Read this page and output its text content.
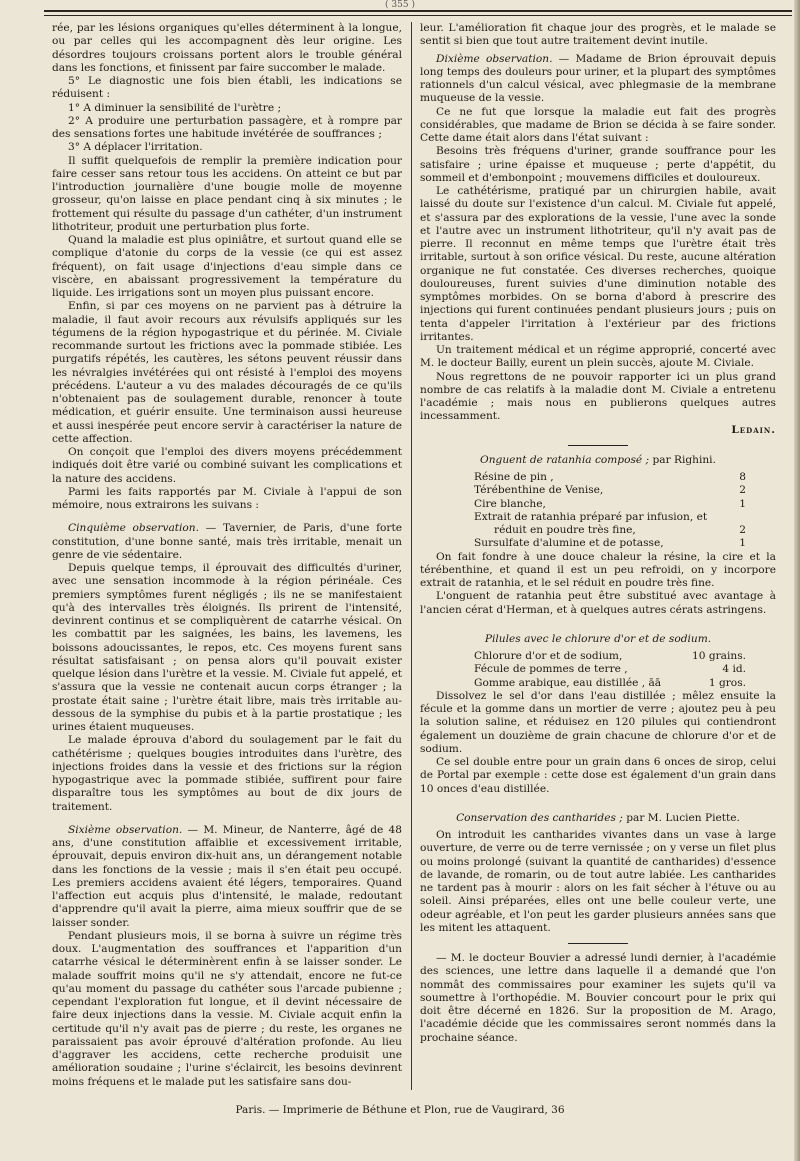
( 355 )

rée, par les lésions organiques qu'elles déterminent à la longue, ou par celles qui les accompagnent dès leur origine. Les désordres toujours croissans portent alors le trouble général dans les fonctions, et finissent par faire succomber le malade.

5° Le diagnostic une fois bien établi, les indications se réduisent :

1° A diminuer la sensibilité de l'urètre ;

2° A produire une perturbation passagère, et à rompre par des sensations fortes une habitude invétérée de souffrances ;

3° A déplacer l'irritation.

Il suffit quelquefois de remplir la première indication pour faire cesser sans retour tous les accidens. On atteint ce but par l'introduction journalière d'une bougie molle de moyenne grosseur, qu'on laisse en place pendant cinq à six minutes ; le frottement qui résulte du passage d'un cathéter, d'un instrument lithotriteur, produit une perturbation plus forte.

Quand la maladie est plus opiniâtre, et surtout quand elle se complique d'atonie du corps de la vessie (ce qui est assez fréquent), on fait usage d'injections d'eau simple dans ce viscère, en abaissant progressivement la température du liquide. Les irrigations sont un moyen plus puissant encore.

Enfin, si par ces moyens on ne parvient pas à détruire la maladie, il faut avoir recours aux révulsifs appliqués sur les tégumens de la région hypogastrique et du périnée. M. Civiale recommande surtout les frictions avec la pommade stibiée. Les purgatifs répétés, les cautères, les sétons peuvent réussir dans les névralgies invétérées qui ont résisté à l'emploi des moyens précédens. L'auteur a vu des malades découragés de ce qu'ils n'obtenaient pas de soulagement durable, renoncer à toute médication, et guérir ensuite. Une terminaison aussi heureuse et aussi inespérée peut encore servir à caractériser la nature de cette affection.

On conçoit que l'emploi des divers moyens précédemment indiqués doit être varié ou combiné suivant les complications et la nature des accidens.

Parmi les faits rapportés par M. Civiale à l'appui de son mémoire, nous extrairons les suivans :

Cinquième observation. — Tavernier, de Paris, d'une forte constitution, d'une bonne santé, mais très irritable, menait un genre de vie sédentaire.

Depuis quelque temps, il éprouvait des difficultés d'uriner, avec une sensation incommode à la région périnéale. Ces premiers symptômes furent négligés ; ils ne se manifestaient qu'à des intervalles très éloignés. Ils prirent de l'intensité, devinrent continus et se compliquèrent de catarrhe vésical. On les combattit par les saignées, les bains, les lavemens, les boissons adoucissantes, le repos, etc. Ces moyens furent sans résultat satisfaisant ; on pensa alors qu'il pouvait exister quelque lésion dans l'urètre et la vessie. M. Civiale fut appelé, et s'assura que la vessie ne contenait aucun corps étranger ; la prostate était saine ; l'urètre était libre, mais très irritable au-dessous de la symphise du pubis et à la partie prostatique ; les urines étaient muqueuses.

Le malade éprouva d'abord du soulagement par le fait du cathétérisme ; quelques bougies introduites dans l'urètre, des injections froides dans la vessie et des frictions sur la région hypogastrique avec la pommade stibiée, suffirent pour faire disparaître tous les symptômes au bout de dix jours de traitement.

Sixième observation. — M. Mineur, de Nanterre, âgé de 48 ans, d'une constitution affaiblie et excessivement irritable, éprouvait, depuis environ dix-huit ans, un dérangement notable dans les fonctions de la vessie ; mais il s'en était peu occupé. Les premiers accidens avaient été légers, temporaires. Quand l'affection eut acquis plus d'intensité, le malade, redoutant d'apprendre qu'il avait la pierre, aima mieux souffrir que de se laisser sonder.

Pendant plusieurs mois, il se borna à suivre un régime très doux. L'augmentation des souffrances et l'apparition d'un catarrhe vésical le déterminèrent enfin à se laisser sonder. Le malade souffrit moins qu'il ne s'y attendait, encore ne fut-ce qu'au moment du passage du cathéter sous l'arcade pubienne ; cependant l'exploration fut longue, et il devint nécessaire de faire deux injections dans la vessie. M. Civiale acquit enfin la certitude qu'il n'y avait pas de pierre ; du reste, les organes ne paraissaient pas avoir éprouvé d'altération profonde. Au lieu d'aggraver les accidens, cette recherche produisit une amélioration soudaine ; l'urine s'éclaircit, les besoins devinrent moins fréquens et le malade put les satisfaire sans dou-

leur. L'amélioration fit chaque jour des progrès, et le malade se sentit si bien que tout autre traitement devint inutile.

Dixième observation. — Madame de Brion éprouvait depuis long temps des douleurs pour uriner, et la plupart des symptômes rationnels d'un calcul vésical, avec phlegmasie de la membrane muqueuse de la vessie.

Ce ne fut que lorsque la maladie eut fait des progrès considérables, que madame de Brion se décida à se faire sonder. Cette dame était alors dans l'état suivant :

Besoins très fréquens d'uriner, grande souffrance pour les satisfaire ; urine épaisse et muqueuse ; perte d'appétit, du sommeil et d'embonpoint ; mouvemens difficiles et douloureux.

Le cathétérisme, pratiqué par un chirurgien habile, avait laissé du doute sur l'existence d'un calcul. M. Civiale fut appelé, et s'assura par des explorations de la vessie, l'une avec la sonde et l'autre avec un instrument lithotriteur, qu'il n'y avait pas de pierre. Il reconnut en même temps que l'urètre était très irritable, surtout à son orifice vésical. Du reste, aucune altération organique ne fut constatée. Ces diverses recherches, quoique douloureuses, furent suivies d'une diminution notable des symptômes morbides. On se borna d'abord à prescrire des injections qui furent continuées pendant plusieurs jours ; puis on tenta d'appeler l'irritation à l'extérieur par des frictions irritantes.

Un traitement médical et un régime approprié, concerté avec M. le docteur Bailly, eurent un plein succès, ajoute M. Civiale.

Nous regrettons de ne pouvoir rapporter ici un plus grand nombre de cas relatifs à la maladie dont M. Civiale a entretenu l'académie ; mais nous en publierons quelques autres incessamment.

Ledain.

Onguent de ratanhia composé ; par Righini.

Résine de pin ,	8
Térébenthine de Venise,	2
Cire blanche,	1
Extrait de ratanhia préparé par infusion, et
réduit en poudre très fine,	2
Sursulfate d'alumine et de potasse,	1

On fait fondre à une douce chaleur la résine, la cire et la térébenthine, et quand il est un peu refroidi, on y incorpore extrait de ratanhia, et le sel réduit en poudre très fine.

L'onguent de ratanhia peut être substitué avec avantage à l'ancien cérat d'Herman, et à quelques autres cérats astringens.

Pilules avec le chlorure d'or et de sodium.

Chlorure d'or et de sodium,	10 grains.
Fécule de pommes de terre ,	4 id.
Gomme arabique, eau distillée , āā	1 gros.

Dissolvez le sel d'or dans l'eau distillée ; mêlez ensuite la fécule et la gomme dans un mortier de verre ; ajoutez peu à peu la solution saline, et réduisez en 120 pilules qui contiendront également un douzième de grain chacune de chlorure d'or et de sodium.

Ce sel double entre pour un grain dans 6 onces de sirop, celui de Portal par exemple : cette dose est également d'un grain dans 10 onces d'eau distillée.

Conservation des cantharides ; par M. Lucien Piette.

On introduit les cantharides vivantes dans un vase à large ouverture, de verre ou de terre vernissée ; on y verse un filet plus ou moins prolongé (suivant la quantité de cantharides) d'essence de lavande, de romarin, ou de tout autre labiée. Les cantharides ne tardent pas à mourir : alors on les fait sécher à l'étuve ou au soleil. Ainsi préparées, elles ont une belle couleur verte, une odeur agréable, et l'on peut les garder plusieurs années sans que les mitent les attaquent.

— M. le docteur Bouvier a adressé lundi dernier, à l'académie des sciences, une lettre dans laquelle il a demandé que l'on nommât des commissaires pour examiner les sujets qu'il va soumettre à l'orthopédie. M. Bouvier concourt pour le prix qui doit être décerné en 1826. Sur la proposition de M. Arago, l'académie décide que les commissaires seront nommés dans la prochaine séance.

Paris. — Imprimerie de Béthune et Plon, rue de Vaugirard, 36
